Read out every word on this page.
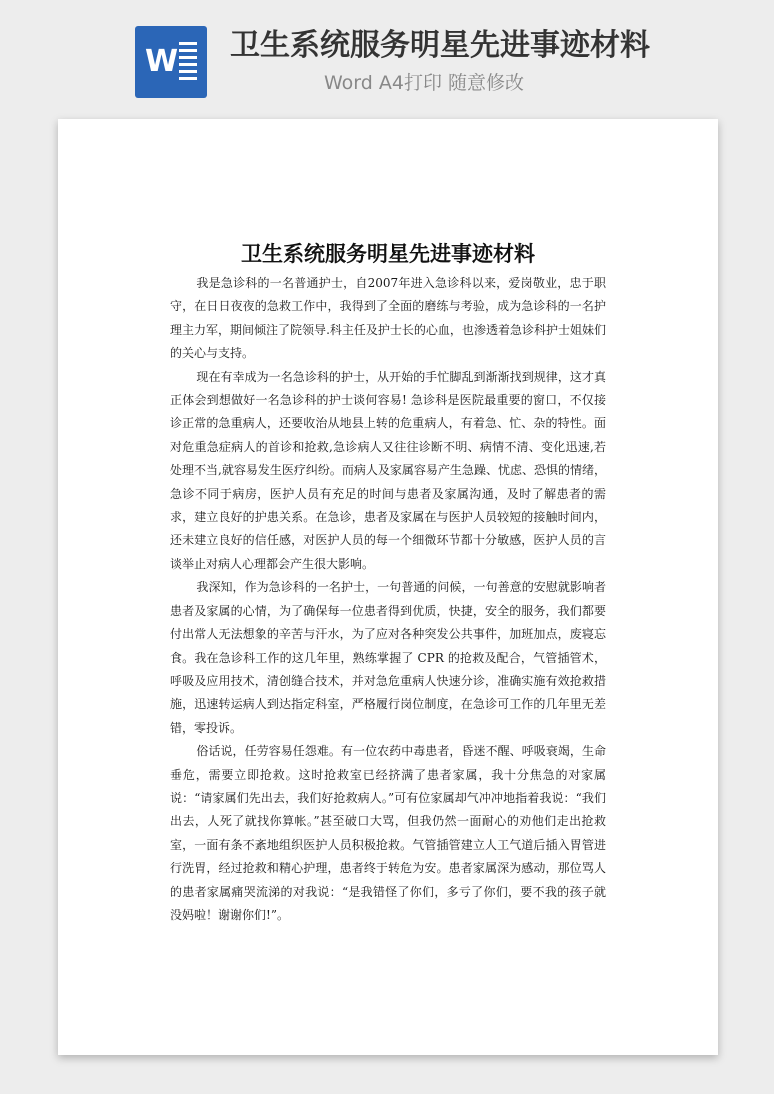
W 卫生系统服务明星先进事迹材料
Word A4打印 随意修改
卫生系统服务明星先进事迹材料

我是急诊科的一名普通护士，自2007年进入急诊科以来，爱岗敬业，忠于职守，在日日夜夜的急救工作中，我得到了全面的磨练与考验，成为急诊科的一名护理主力军，期间倾注了院领导.科主任及护士长的心血，也渗透着急诊科护士姐妹们的关心与支持。

现在有幸成为一名急诊科的护士，从开始的手忙脚乱到渐渐找到规律，这才真正体会到想做好一名急诊科的护士谈何容易! 急诊科是医院最重要的窗口，不仅接诊正常的急重病人，还要收治从地县上转的危重病人，有着急、忙、杂的特性。面对危重急症病人的首诊和抢救,急诊病人又往往诊断不明、病情不清、变化迅速,若处理不当,就容易发生医疗纠纷。而病人及家属容易产生急躁、忧虑、恐惧的情绪，急诊不同于病房，医护人员有充足的时间与患者及家属沟通，及时了解患者的需求，建立良好的护患关系。在急诊，患者及家属在与医护人员较短的接触时间内，还未建立良好的信任感，对医护人员的每一个细微环节都十分敏感，医护人员的言谈举止对病人心理都会产生很大影响。

我深知，作为急诊科的一名护士，一句普通的问候，一句善意的安慰就影响者患者及家属的心情，为了确保每一位患者得到优质，快捷，安全的服务，我们都要付出常人无法想象的辛苦与汗水，为了应对各种突发公共事件，加班加点，废寝忘食。我在急诊科工作的这几年里，熟练掌握了 CPR 的抢救及配合，气管插管术，呼吸及应用技术，清创缝合技术，并对急危重病人快速分诊，准确实施有效抢救措施，迅速转运病人到达指定科室，严格履行岗位制度，在急诊可工作的几年里无差错，零投诉。

俗话说，任劳容易任怨难。有一位农药中毒患者，昏迷不醒、呼吸衰竭，生命垂危，需要立即抢救。这时抢救室已经挤满了患者家属，我十分焦急的对家属说：“请家属们先出去，我们好抢救病人。”可有位家属却气冲冲地指着我说：“我们出去，人死了就找你算帐。”甚至破口大骂，但我仍然一面耐心的劝他们走出抢救室，一面有条不紊地组织医护人员积极抢救。气管插管建立人工气道后插入胃管进行洗胃，经过抢救和精心护理，患者终于转危为安。患者家属深为感动，那位骂人的患者家属痛哭流涕的对我说：“是我错怪了你们，多亏了你们，要不我的孩子就没妈啦！谢谢你们!”。
